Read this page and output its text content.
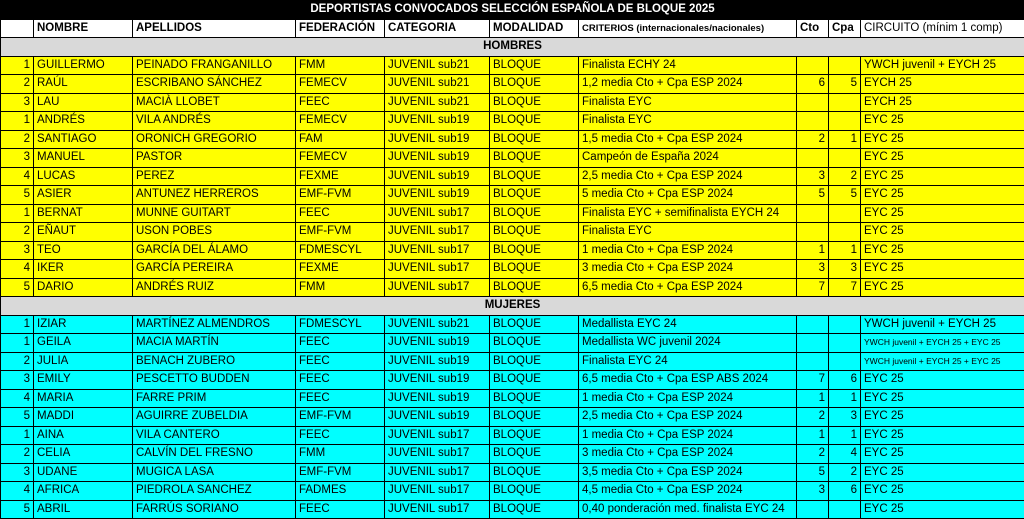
DEPORTISTAS CONVOCADOS SELECCIÓN ESPAÑOLA DE BLOQUE 2025									
	NOMBRE	APELLIDOS	FEDERACIÓN	CATEGORIA	MODALIDAD	CRITERIOS (internacionales/nacionales)	Cto	Cpa	CIRCUITO (mínim 1 comp)
HOMBRES									
1	GUILLERMO	PEINADO FRANGANILLO	FMM	JUVENIL sub21	BLOQUE	Finalista ECHY 24			YWCH juvenil + EYCH 25
2	RAÚL	ESCRIBANO SÁNCHEZ	FEMECV	JUVENIL sub21	BLOQUE	1,2 media Cto + Cpa ESP 2024	6	5	EYCH 25
3	LAU	MACIÀ LLOBET	FEEC	JUVENIL sub21	BLOQUE	Finalista EYC			EYCH 25
1	ANDRÉS	VILA ANDRÉS	FEMECV	JUVENIL sub19	BLOQUE	Finalista EYC			EYC 25
2	SANTIAGO	ORONICH GREGORIO	FAM	JUVENIL sub19	BLOQUE	1,5 media Cto + Cpa ESP 2024	2	1	EYC 25
3	MANUEL	PASTOR	FEMECV	JUVENIL sub19	BLOQUE	Campeón de España 2024			EYC 25
4	LUCAS	PEREZ	FEXME	JUVENIL sub19	BLOQUE	2,5 media Cto + Cpa ESP 2024	3	2	EYC 25
5	ASIER	ANTUNEZ HERREROS	EMF-FVM	JUVENIL sub19	BLOQUE	5 media Cto + Cpa ESP 2024	5	5	EYC 25
1	BERNAT	MUNNE GUITART	FEEC	JUVENIL sub17	BLOQUE	Finalista EYC + semifinalista EYCH 24			EYC 25
2	EÑAUT	USON POBES	EMF-FVM	JUVENIL sub17	BLOQUE	Finalista EYC			EYC 25
3	TEO	GARCÍA DEL ÁLAMO	FDMESCYL	JUVENIL sub17	BLOQUE	1 media Cto + Cpa ESP 2024	1	1	EYC 25
4	IKER	GARCÍA PEREIRA	FEXME	JUVENIL sub17	BLOQUE	3 media Cto + Cpa ESP 2024	3	3	EYC 25
5	DARIO	ANDRÉS RUIZ	FMM	JUVENIL sub17	BLOQUE	6,5 media Cto + Cpa ESP 2024	7	7	EYC 25
MUJERES									
1	IZIAR	MARTÍNEZ ALMENDROS	FDMESCYL	JUVENIL sub21	BLOQUE	Medallista EYC 24			YWCH juvenil + EYCH 25
1	GEILA	MACIA MARTÍN	FEEC	JUVENIL sub19	BLOQUE	Medallista WC juvenil 2024			YWCH juvenil + EYCH 25 + EYC 25
2	JULIA	BENACH ZUBERO	FEEC	JUVENIL sub19	BLOQUE	Finalista EYC 24			YWCH juvenil + EYCH 25 + EYC 25
3	EMILY	PESCETTO BUDDEN	FEEC	JUVENIL sub19	BLOQUE	6,5 media Cto + Cpa ESP ABS 2024	7	6	EYC 25
4	MARIA	FARRE PRIM	FEEC	JUVENIL sub19	BLOQUE	1 media Cto + Cpa ESP 2024	1	1	EYC 25
5	MADDI	AGUIRRE ZUBELDIA	EMF-FVM	JUVENIL sub19	BLOQUE	2,5 media Cto + Cpa ESP 2024	2	3	EYC 25
1	AINA	VILA CANTERO	FEEC	JUVENIL sub17	BLOQUE	1 media Cto + Cpa ESP 2024	1	1	EYC 25
2	CELIA	CALVÍN DEL FRESNO	FMM	JUVENIL sub17	BLOQUE	3 media Cto + Cpa ESP 2024	2	4	EYC 25
3	UDANE	MUGICA LASA	EMF-FVM	JUVENIL sub17	BLOQUE	3,5 media Cto + Cpa ESP 2024	5	2	EYC 25
4	AFRICA	PIEDROLA SANCHEZ	FADMES	JUVENIL sub17	BLOQUE	4,5 media Cto + Cpa ESP 2024	3	6	EYC 25
5	ABRIL	FARRÚS SORIANO	FEEC	JUVENIL sub17	BLOQUE	0,40 ponderación med. finalista EYC 24			EYC 25
